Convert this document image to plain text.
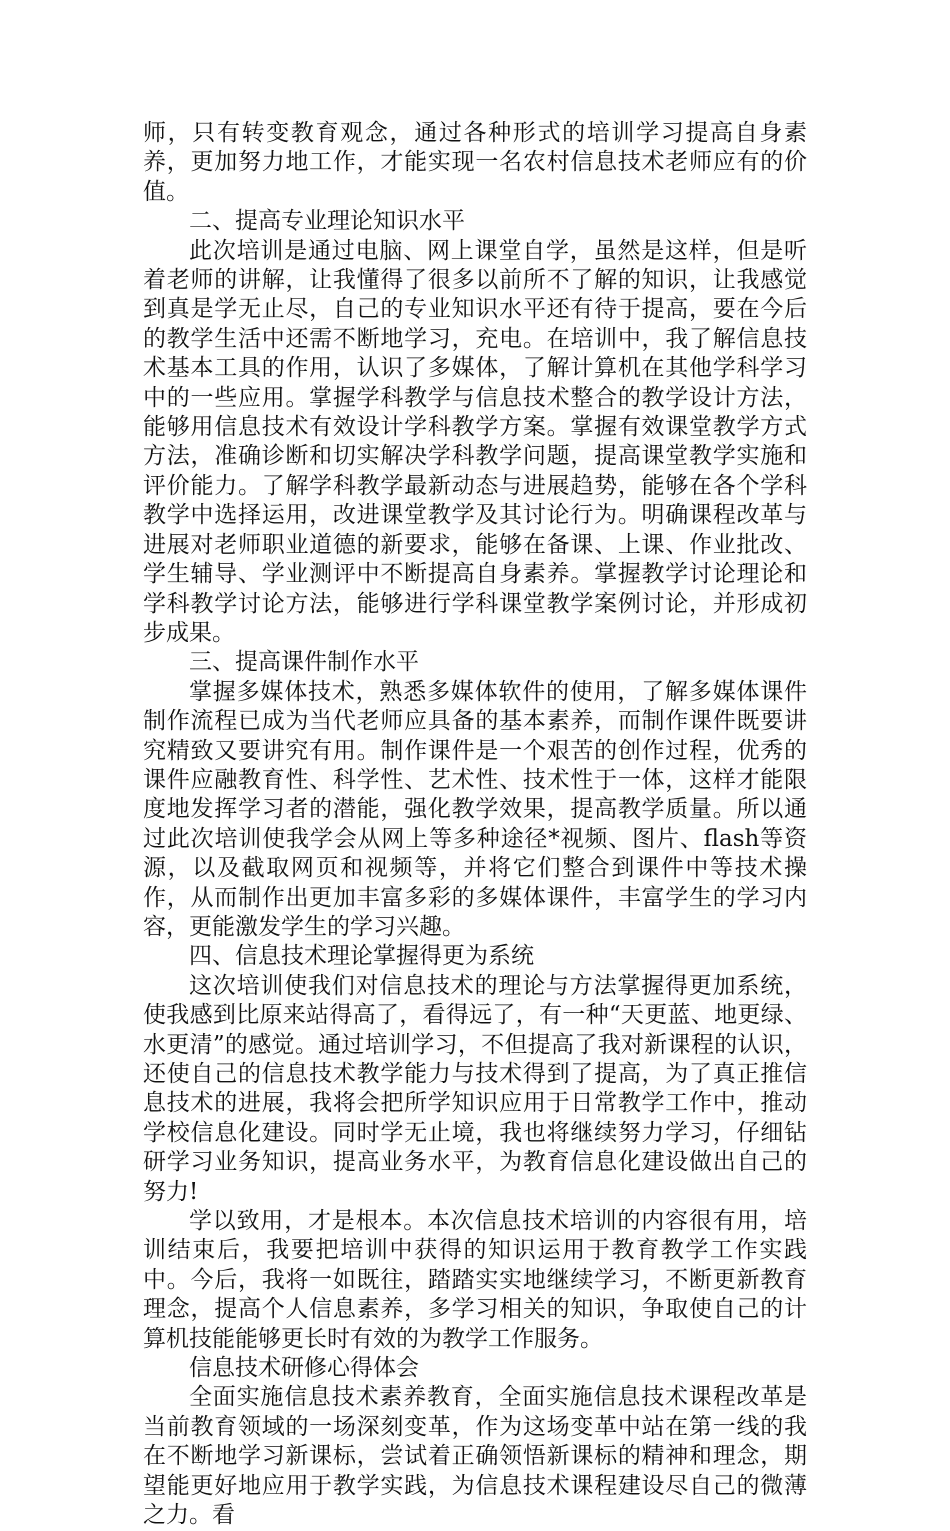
师，只有转变教育观念，通过各种形式的培训学习提高自身素养，更加努力地工作，才能实现一名农村信息技术老师应有的价值。

二、提高专业理论知识水平

此次培训是通过电脑、网上课堂自学，虽然是这样，但是听着老师的讲解，让我懂得了很多以前所不了解的知识，让我感觉到真是学无止尽，自己的专业知识水平还有待于提高，要在今后的教学生活中还需不断地学习，充电。在培训中，我了解信息技术基本工具的作用，认识了多媒体，了解计算机在其他学科学习中的一些应用。掌握学科教学与信息技术整合的教学设计方法，能够用信息技术有效设计学科教学方案。掌握有效课堂教学方式方法，准确诊断和切实解决学科教学问题，提高课堂教学实施和评价能力。了解学科教学最新动态与进展趋势，能够在各个学科教学中选择运用，改进课堂教学及其讨论行为。明确课程改革与进展对老师职业道德的新要求，能够在备课、上课、作业批改、学生辅导、学业测评中不断提高自身素养。掌握教学讨论理论和学科教学讨论方法，能够进行学科课堂教学案例讨论，并形成初步成果。

三、提高课件制作水平

掌握多媒体技术，熟悉多媒体软件的使用，了解多媒体课件制作流程已成为当代老师应具备的基本素养，而制作课件既要讲究精致又要讲究有用。制作课件是一个艰苦的创作过程，优秀的课件应融教育性、科学性、艺术性、技术性于一体，这样才能限度地发挥学习者的潜能，强化教学效果，提高教学质量。所以通过此次培训使我学会从网上等多种途径*视频、图片、flash等资源，以及截取网页和视频等，并将它们整合到课件中等技术操作，从而制作出更加丰富多彩的多媒体课件，丰富学生的学习内容，更能激发学生的学习兴趣。

四、信息技术理论掌握得更为系统

这次培训使我们对信息技术的理论与方法掌握得更加系统，使我感到比原来站得高了，看得远了，有一种“天更蓝、地更绿、水更清”的感觉。通过培训学习，不但提高了我对新课程的认识，还使自己的信息技术教学能力与技术得到了提高，为了真正推信息技术的进展，我将会把所学知识应用于日常教学工作中，推动学校信息化建设。同时学无止境，我也将继续努力学习，仔细钻研学习业务知识，提高业务水平，为教育信息化建设做出自己的努力!

学以致用，才是根本。本次信息技术培训的内容很有用，培训结束后，我要把培训中获得的知识运用于教育教学工作实践中。今后，我将一如既往，踏踏实实地继续学习，不断更新教育理念，提高个人信息素养，多学习相关的知识，争取使自己的计算机技能能够更长时有效的为教学工作服务。

信息技术研修心得体会

全面实施信息技术素养教育，全面实施信息技术课程改革是当前教育领域的一场深刻变革，作为这场变革中站在第一线的我在不断地学习新课标，尝试着正确领悟新课标的精神和理念，期望能更好地应用于教学实践，为信息技术课程建设尽自己的微薄之力。看
